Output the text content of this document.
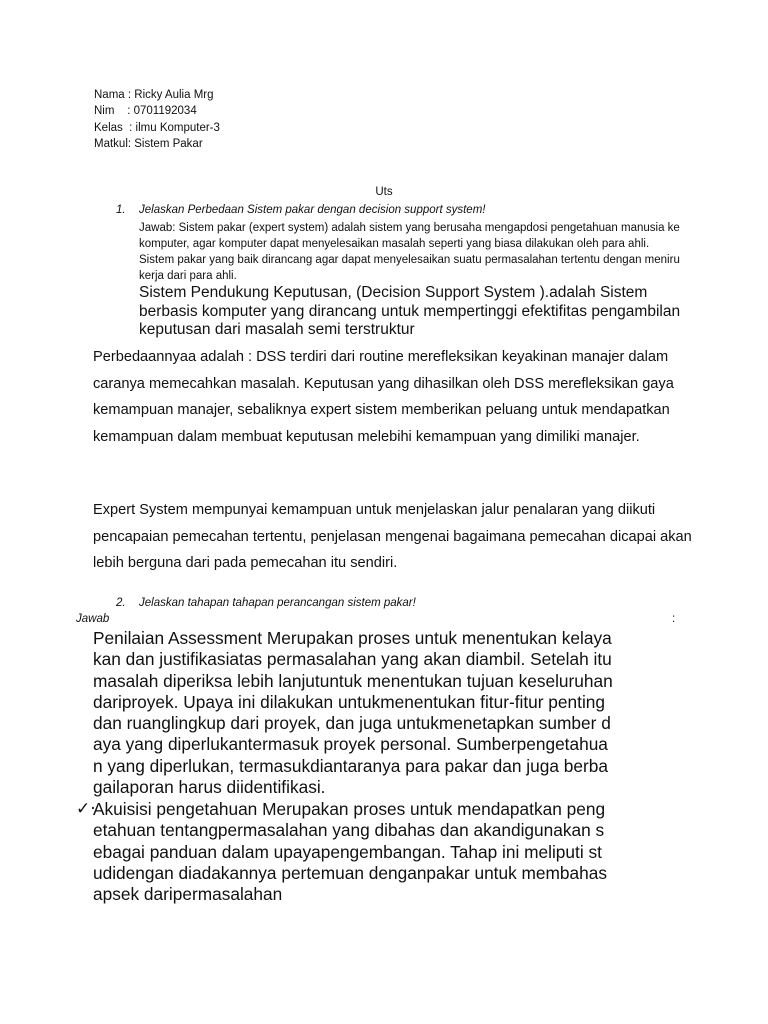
Nama : Ricky Aulia Mrg
Nim    : 0701192034
Kelas  : ilmu Komputer-3
Matkul: Sistem Pakar
Uts
1. Jelaskan Perbedaan Sistem pakar dengan decision support system!
Jawab: Sistem pakar (expert system) adalah sistem yang berusaha mengapdosi pengetahuan manusia ke komputer, agar komputer dapat menyelesaikan masalah seperti yang biasa dilakukan oleh para ahli. Sistem pakar yang baik dirancang agar dapat menyelesaikan suatu permasalahan tertentu dengan meniru kerja dari para ahli.
Sistem Pendukung Keputusan, (Decision Support System ).adalah Sistem berbasis komputer yang dirancang untuk mempertinggi efektifitas pengambilan keputusan dari masalah semi terstruktur
Perbedaannyaa adalah : DSS terdiri dari routine merefleksikan keyakinan manajer dalam caranya memecahkan masalah. Keputusan yang dihasilkan oleh DSS merefleksikan gaya kemampuan manajer, sebaliknya expert sistem memberikan peluang untuk mendapatkan kemampuan dalam membuat keputusan melebihi kemampuan yang dimiliki manajer.
Expert System mempunyai kemampuan untuk menjelaskan jalur penalaran yang diikuti pencapaian pemecahan tertentu, penjelasan mengenai bagaimana pemecahan dicapai akan lebih berguna dari pada pemecahan itu sendiri.
2. Jelaskan tahapan tahapan perancangan sistem pakar!
Jawab	:
Penilaian Assessment Merupakan proses untuk menentukan kelaya
kan dan justifikasiatas permasalahan yang akan diambil. Setelah itu
masalah diperiksa lebih lanjutuntuk menentukan tujuan keseluruhan
dariproyek. Upaya ini dilakukan untukmenentukan fitur-fitur penting
dan ruanglingkup dari proyek, dan juga untukmenetapkan sumber d
aya yang diperlukantermasuk proyek personal. Sumberpengetahua
n yang diperlukan, termasukdiantaranya para pakar dan juga berba
gailaporan harus diidentifikasi.
✓·
Akuisisi pengetahuan Merupakan proses untuk mendapatkan peng
etahuan tentangpermasalahan yang dibahas dan akandigunakan s
ebagai panduan dalam upayapengembangan. Tahap ini meliputi st
udidengan diadakannya pertemuan denganpakar untuk membahas
apsek daripermasalahan
